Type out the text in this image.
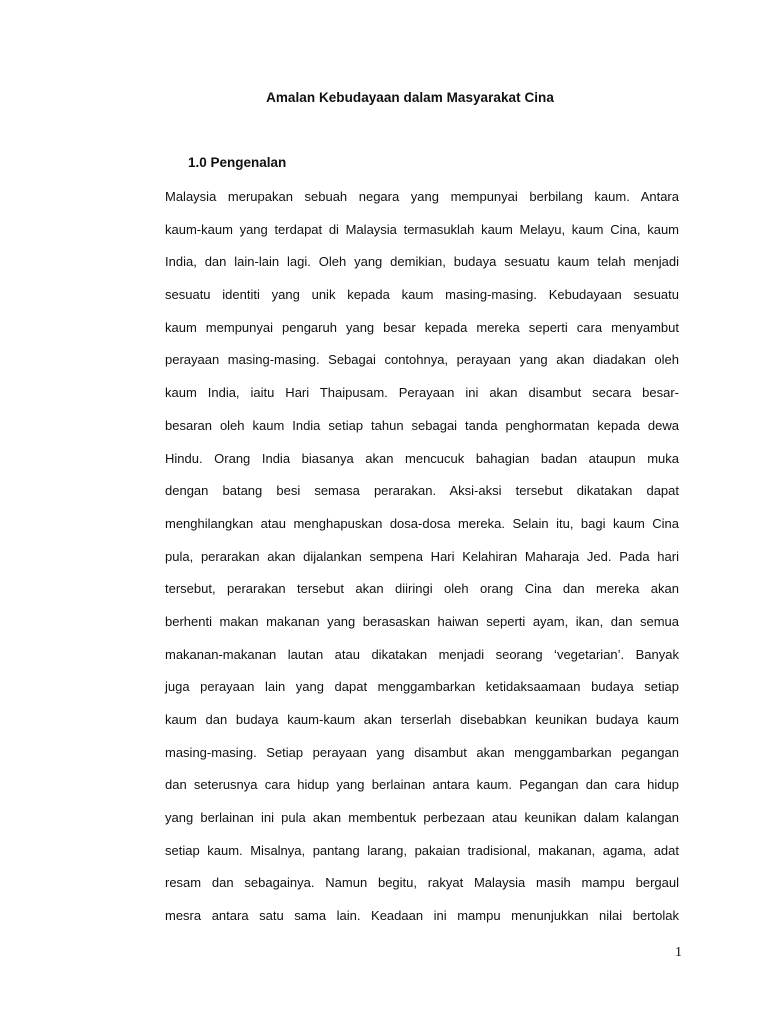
Amalan Kebudayaan dalam Masyarakat Cina
1.0 Pengenalan
Malaysia merupakan sebuah negara yang mempunyai berbilang kaum. Antara
kaum-kaum yang terdapat di Malaysia termasuklah kaum Melayu, kaum Cina, kaum
India, dan lain-lain lagi. Oleh yang demikian, budaya sesuatu kaum telah menjadi
sesuatu identiti yang unik kepada kaum masing-masing. Kebudayaan sesuatu
kaum mempunyai pengaruh yang besar kepada mereka seperti cara menyambut
perayaan masing-masing. Sebagai contohnya, perayaan yang akan diadakan oleh
kaum India, iaitu Hari Thaipusam. Perayaan ini akan disambut secara besar-
besaran oleh kaum India setiap tahun sebagai tanda penghormatan kepada dewa
Hindu. Orang India biasanya akan mencucuk bahagian badan ataupun muka
dengan batang besi semasa perarakan. Aksi-aksi tersebut dikatakan dapat
menghilangkan atau menghapuskan dosa-dosa mereka. Selain itu, bagi kaum Cina
pula, perarakan akan dijalankan sempena Hari Kelahiran Maharaja Jed. Pada hari
tersebut, perarakan tersebut akan diiringi oleh orang Cina dan mereka akan
berhenti makan makanan yang berasaskan haiwan seperti ayam, ikan, dan semua
makanan-makanan lautan atau dikatakan menjadi seorang ‘vegetarian’. Banyak
juga perayaan lain yang dapat menggambarkan ketidaksaamaan budaya setiap
kaum dan budaya kaum-kaum akan terserlah disebabkan keunikan budaya kaum
masing-masing. Setiap perayaan yang disambut akan menggambarkan pegangan
dan seterusnya cara hidup yang berlainan antara kaum. Pegangan dan cara hidup
yang berlainan ini pula akan membentuk perbezaan atau keunikan dalam kalangan
setiap kaum. Misalnya, pantang larang, pakaian tradisional, makanan, agama, adat
resam dan sebagainya. Namun begitu, rakyat Malaysia masih mampu bergaul
mesra antara satu sama lain. Keadaan ini mampu menunjukkan nilai bertolak
1
